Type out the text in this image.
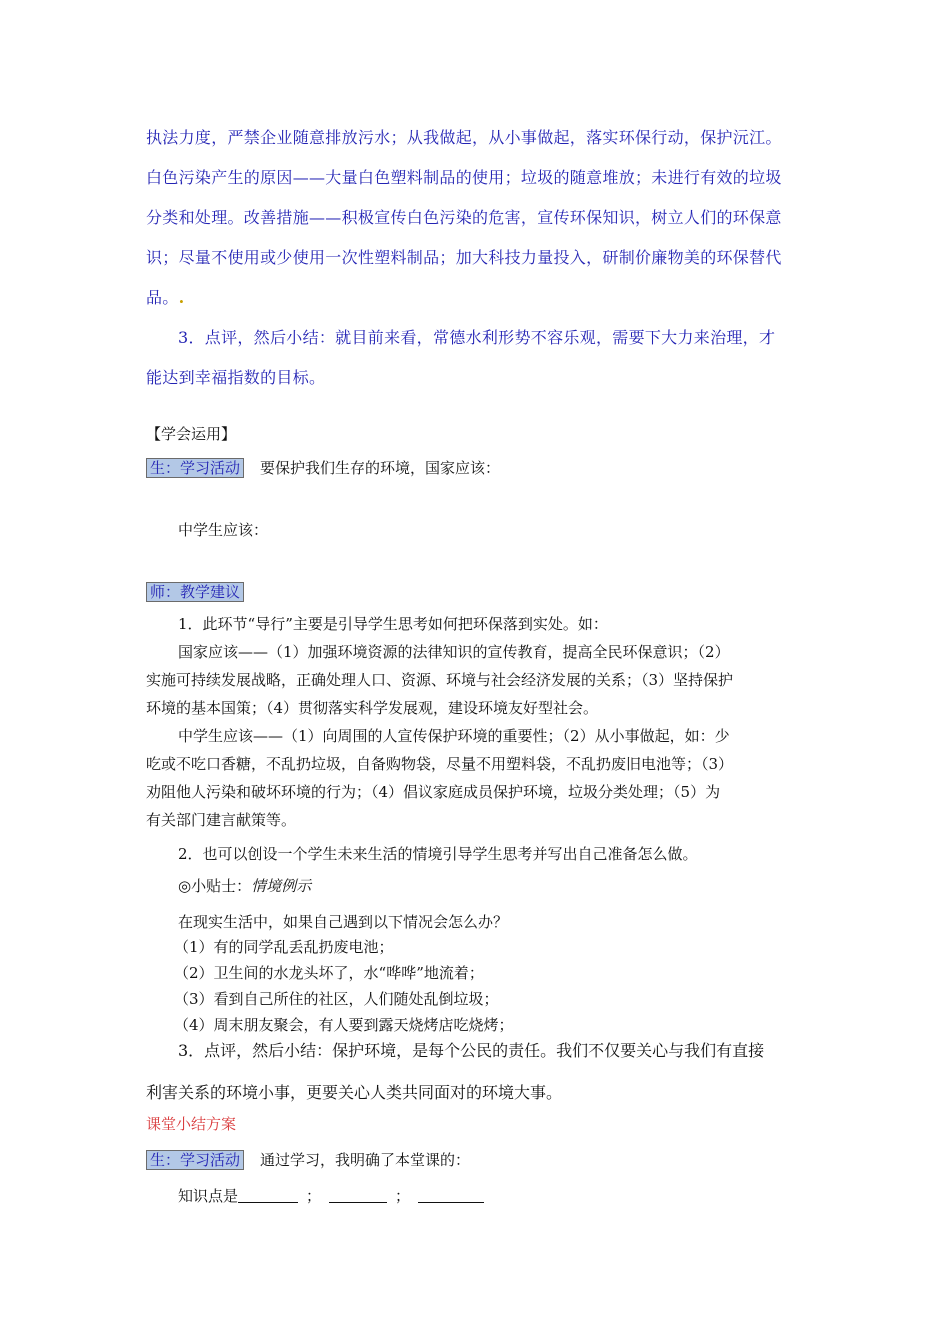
执法力度，严禁企业随意排放污水；从我做起，从小事做起，落实环保行动，保护沅江。
白色污染产生的原因——大量白色塑料制品的使用；垃圾的随意堆放；未进行有效的垃圾
分类和处理。改善措施——积极宣传白色污染的危害，宣传环保知识，树立人们的环保意
识；尽量不使用或少使用一次性塑料制品；加大科技力量投入，研制价廉物美的环保替代
品。.
3．点评，然后小结：就目前来看，常德水利形势不容乐观，需要下大力来治理，才
能达到幸福指数的目标。
【学会运用】
生：学习活动 要保护我们生存的环境，国家应该：
中学生应该：
师：教学建议
1．此环节“导行”主要是引导学生思考如何把环保落到实处。如：
国家应该——（1）加强环境资源的法律知识的宣传教育，提高全民环保意识；（2）
实施可持续发展战略，正确处理人口、资源、环境与社会经济发展的关系；（3）坚持保护
环境的基本国策；（4）贯彻落实科学发展观，建设环境友好型社会。
中学生应该——（1）向周围的人宣传保护环境的重要性；（2）从小事做起，如：少
吃或不吃口香糖，不乱扔垃圾，自备购物袋，尽量不用塑料袋，不乱扔废旧电池等；（3）
劝阻他人污染和破坏环境的行为；（4）倡议家庭成员保护环境，垃圾分类处理；（5）为
有关部门建言献策等。
2．也可以创设一个学生未来生活的情境引导学生思考并写出自己准备怎么做。
◎小贴士：情境例示
在现实生活中，如果自己遇到以下情况会怎么办？
（1）有的同学乱丢乱扔废电池；
（2）卫生间的水龙头坏了，水“哗哗”地流着；
（3）看到自己所住的社区，人们随处乱倒垃圾；
（4）周末朋友聚会，有人要到露天烧烤店吃烧烤；
3．点评，然后小结：保护环境，是每个公民的责任。我们不仅要关心与我们有直接
利害关系的环境小事，更要关心人类共同面对的环境大事。
课堂小结方案
生：学习活动 通过学习，我明确了本堂课的：
知识点是	；	；
